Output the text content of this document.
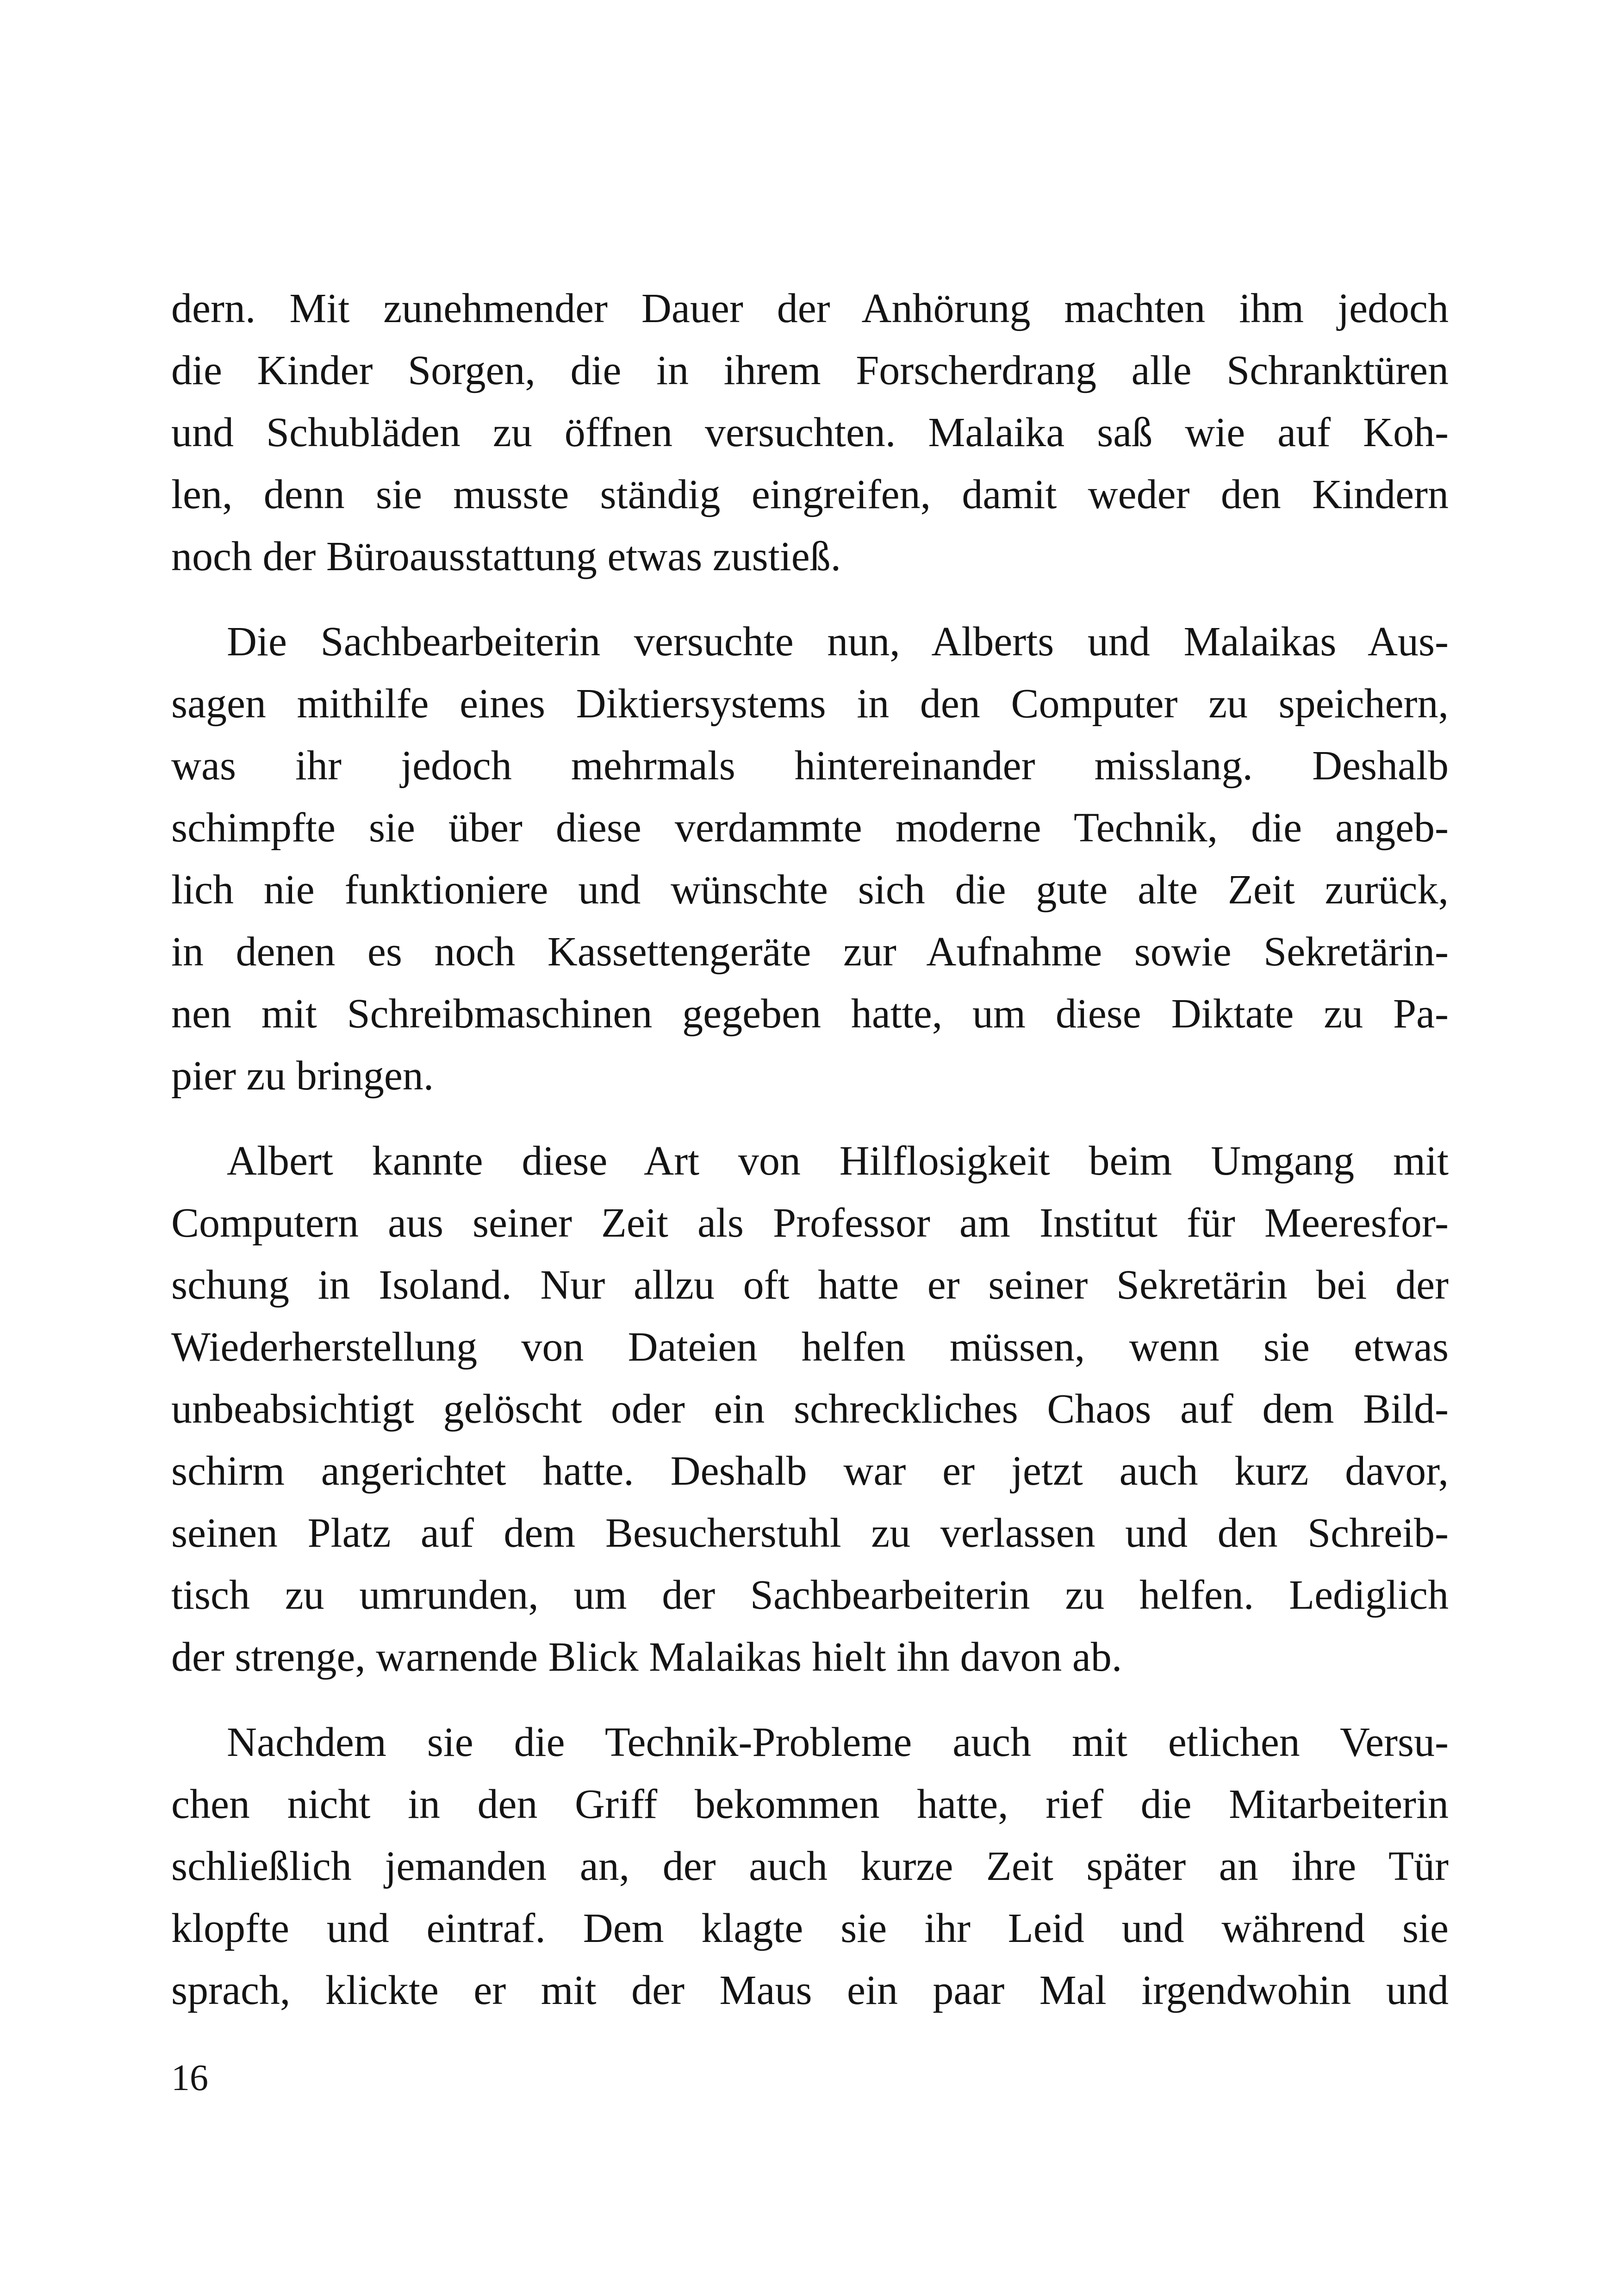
dern. Mit zunehmender Dauer der Anhörung machten ihm jedoch
die Kinder Sorgen, die in ihrem Forscherdrang alle Schranktüren
und Schubläden zu öffnen versuchten. Malaika saß wie auf Koh-
len, denn sie musste ständig eingreifen, damit weder den Kindern
noch der Büroausstattung etwas zustieß.
Die Sachbearbeiterin versuchte nun, Alberts und Malaikas Aus-
sagen mithilfe eines Diktiersystems in den Computer zu speichern,
was ihr jedoch mehrmals hintereinander misslang. Deshalb
schimpfte sie über diese verdammte moderne Technik, die angeb-
lich nie funktioniere und wünschte sich die gute alte Zeit zurück,
in denen es noch Kassettengeräte zur Aufnahme sowie Sekretärin-
nen mit Schreibmaschinen gegeben hatte, um diese Diktate zu Pa-
pier zu bringen.
Albert kannte diese Art von Hilflosigkeit beim Umgang mit
Computern aus seiner Zeit als Professor am Institut für Meeresfor-
schung in Isoland. Nur allzu oft hatte er seiner Sekretärin bei der
Wiederherstellung von Dateien helfen müssen, wenn sie etwas
unbeabsichtigt gelöscht oder ein schreckliches Chaos auf dem Bild-
schirm angerichtet hatte. Deshalb war er jetzt auch kurz davor,
seinen Platz auf dem Besucherstuhl zu verlassen und den Schreib-
tisch zu umrunden, um der Sachbearbeiterin zu helfen. Lediglich
der strenge, warnende Blick Malaikas hielt ihn davon ab.
Nachdem sie die Technik-Probleme auch mit etlichen Versu-
chen nicht in den Griff bekommen hatte, rief die Mitarbeiterin
schließlich jemanden an, der auch kurze Zeit später an ihre Tür
klopfte und eintraf. Dem klagte sie ihr Leid und während sie
sprach, klickte er mit der Maus ein paar Mal irgendwohin und
16
